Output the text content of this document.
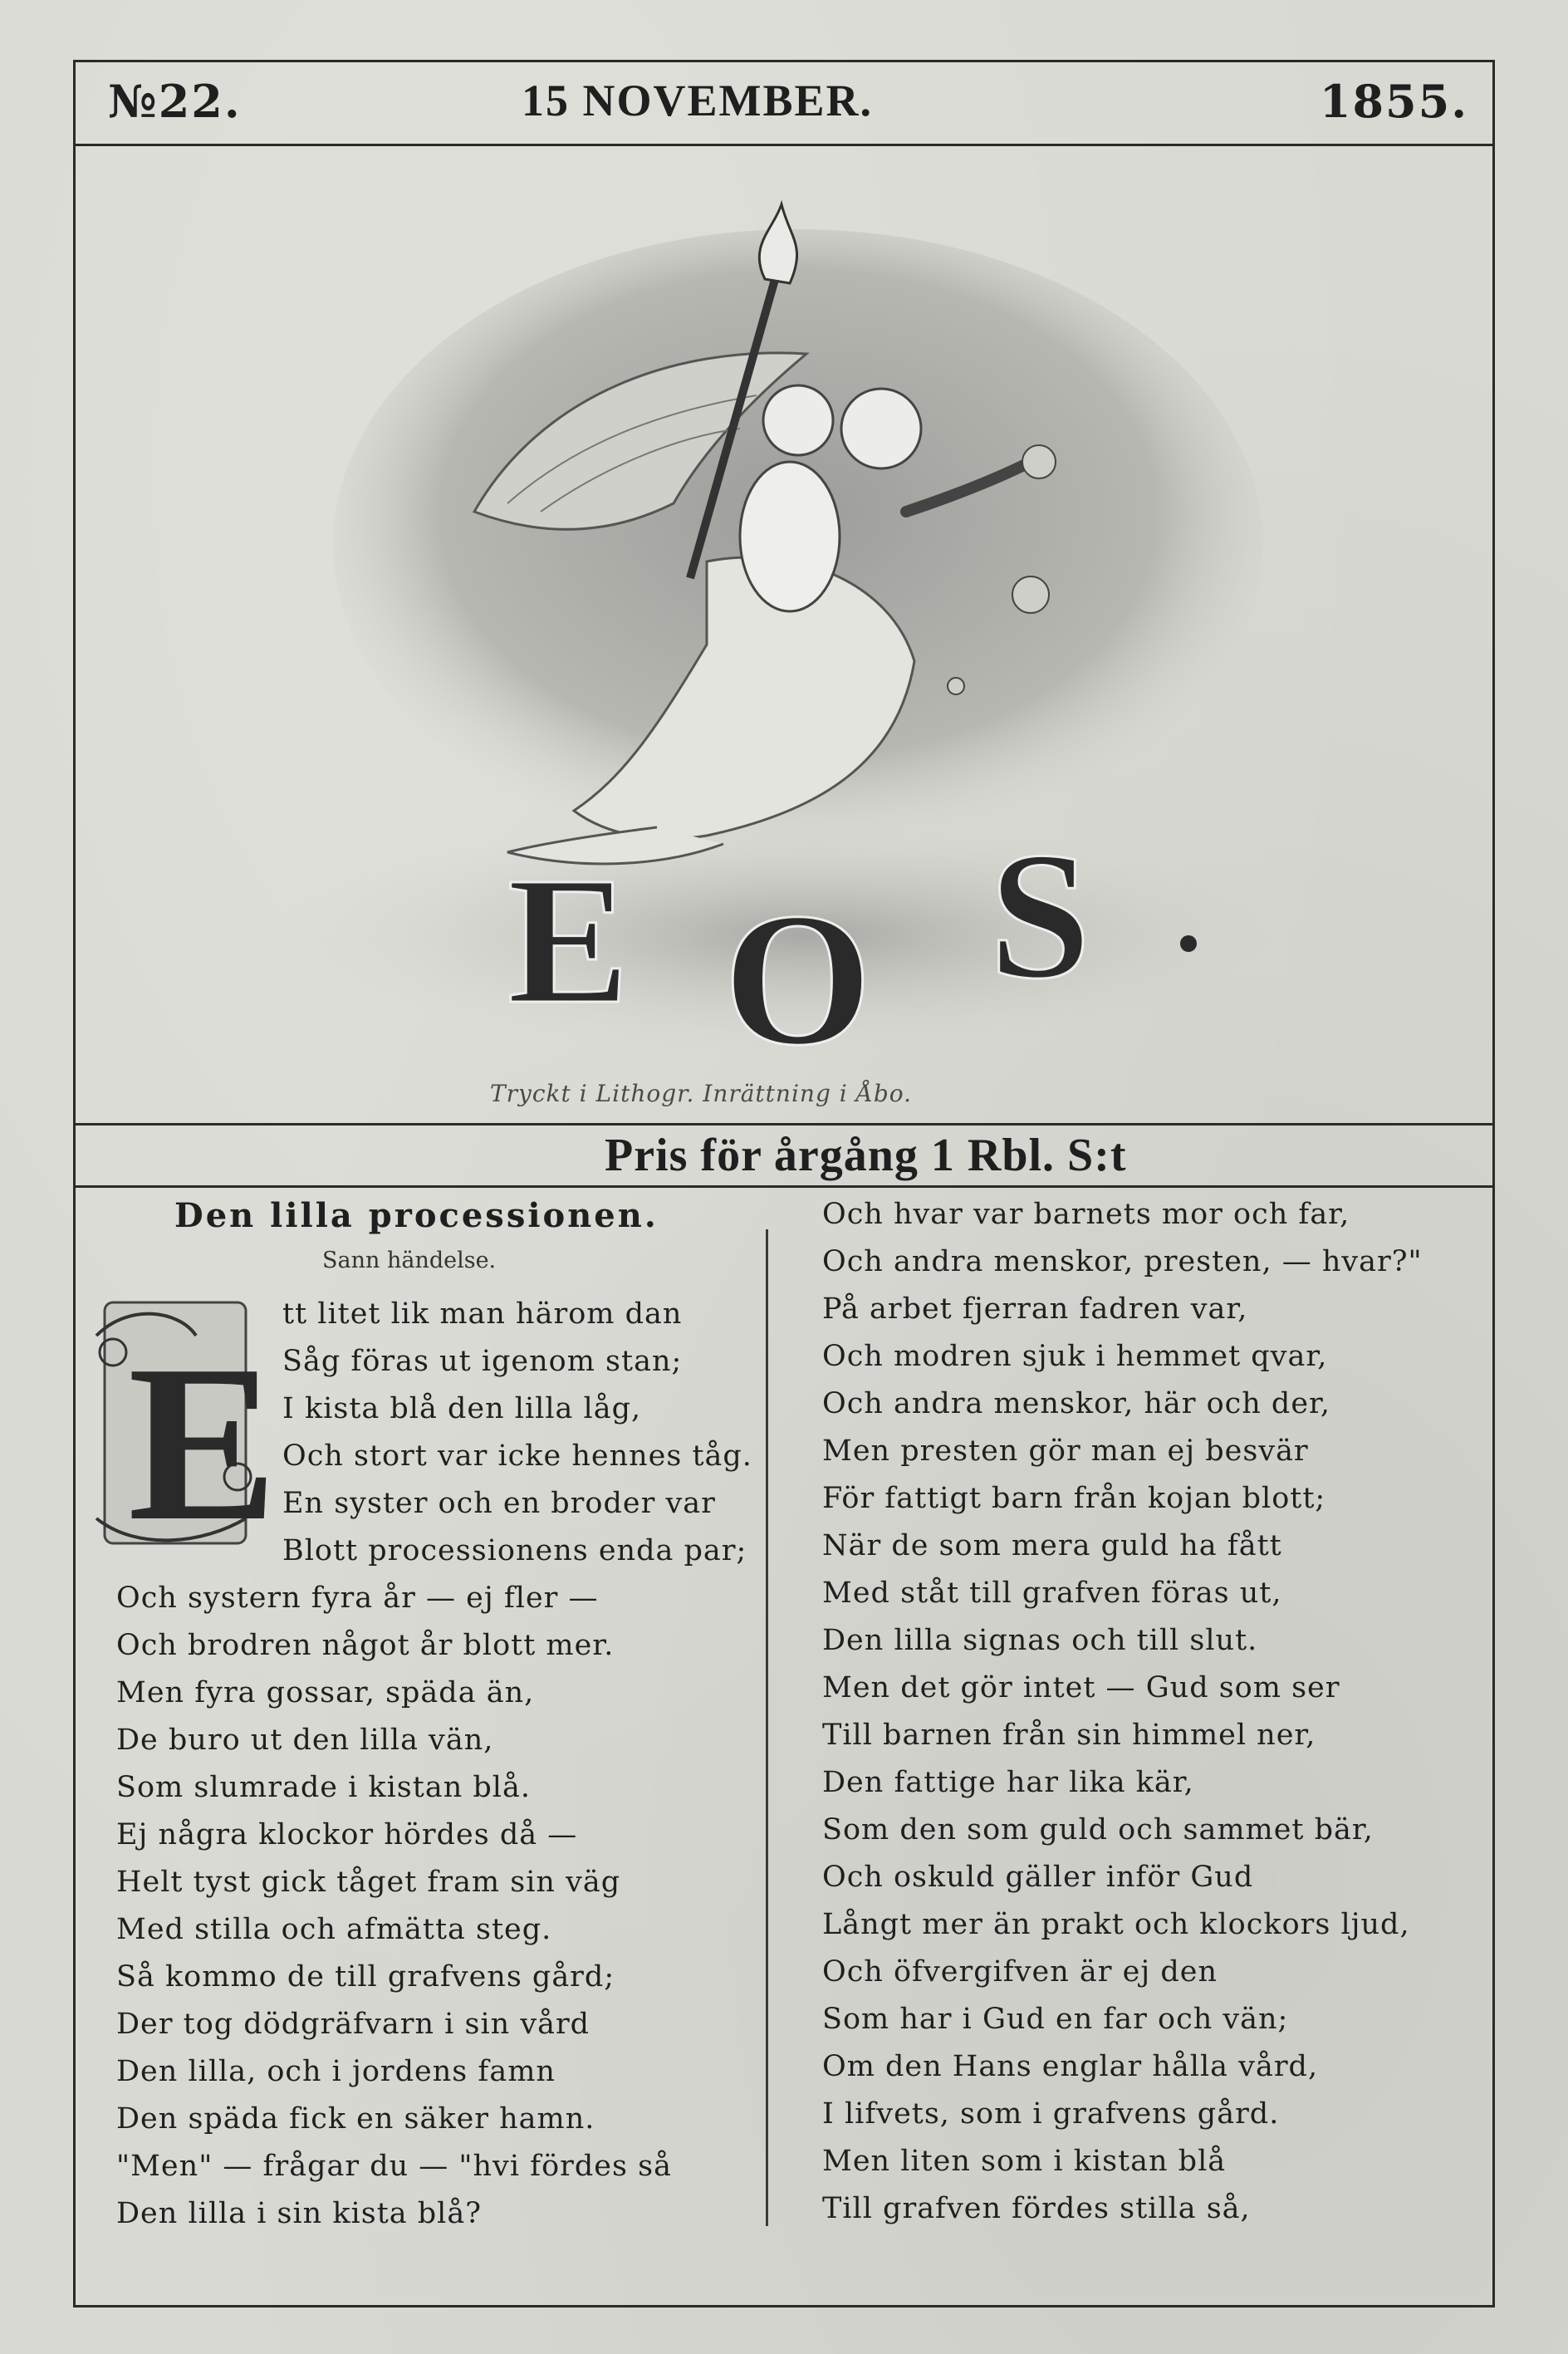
№22.	15 NOVEMBER.	1855.
E O S
Tryckt i Lithogr. Inrättning i Åbo.
Pris för årgång 1 Rbl. S:t
Den lilla processionen.
Sann händelse.
E
tt litet lik man härom dan
Såg föras ut igenom stan;
I kista blå den lilla låg,
Och stort var icke hennes tåg.
En syster och en broder var
Blott processionens enda par;
Och systern fyra år — ej fler —
Och brodren något år blott mer.
Men fyra gossar, späda än,
De buro ut den lilla vän,
Som slumrade i kistan blå.
Ej några klockor hördes då —
Helt tyst gick tåget fram sin väg
Med stilla och afmätta steg.
Så kommo de till grafvens gård;
Der tog dödgräfvarn i sin vård
Den lilla, och i jordens famn
Den späda fick en säker hamn.
"Men" — frågar du — "hvi fördes så
Den lilla i sin kista blå?
Och hvar var barnets mor och far,
Och andra menskor, presten, — hvar?"
På arbet fjerran fadren var,
Och modren sjuk i hemmet qvar,
Och andra menskor, här och der,
Men presten gör man ej besvär
För fattigt barn från kojan blott;
När de som mera guld ha fått
Med ståt till grafven föras ut,
Den lilla signas och till slut.
Men det gör intet — Gud som ser
Till barnen från sin himmel ner,
Den fattige har lika kär,
Som den som guld och sammet bär,
Och oskuld gäller inför Gud
Långt mer än prakt och klockors ljud,
Och öfvergifven är ej den
Som har i Gud en far och vän;
Om den Hans englar hålla vård,
I lifvets, som i grafvens gård.
Men liten som i kistan blå
Till grafven fördes stilla så,
